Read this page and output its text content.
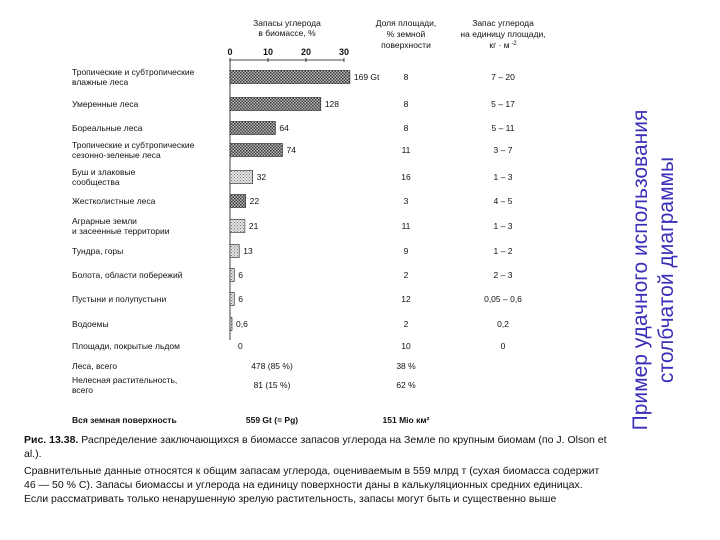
Запасы углерода
в биомассе, %
0	10	20	30
Доля площади,
% земной
поверхности
Запас углерода
на единицу площади,
кг · м $^{-2}$
Тропические и субтропические
влажные леса	169 Gt	8	7 – 20
Умеренные леса	128	8	5 – 17
Бореальные леса	64	8	5 – 11
Тропические и субтропические
сезонно-зеленые леса	74	11	3 – 7
Буш и злаковые
сообщества	32	16	1 – 3
Жестколистные леса	22	3	4 – 5
Аграрные земли
и засеенные территории	21	11	1 – 3
Тундра, горы	13	9	1 – 2
Болота, области побережий	6	2	2 – 3
Пустыни и полупустыни	6	12	0,05 – 0,6
Водоемы	0,6	2	0,2
Площади, покрытые льдом	0	10	0
Леса, всего	478 (85 %)	38 %
Нелесная растительность,
всего	81 (15 %)	62 %
Вся земная поверхность	559 Gt (= Pg)	151 Mio км²

Рис. 13.38. Распределение заключающихся в биомассе запасов углерода на Земле по крупным биомам (по J. Olson et al.).

Сравнительные данные относятся к общим запасам углерода, оцениваемым в 559 млрд т (сухая биомасса содержит 46 — 50 % С). Запасы биомассы и углерода на единицу поверхности даны в калькуляционных средних единицах. Если рассматривать только ненарушенную зрелую растительность, запасы могут быть и существенно выше

Пример удачного использования столбчатой диаграммы
